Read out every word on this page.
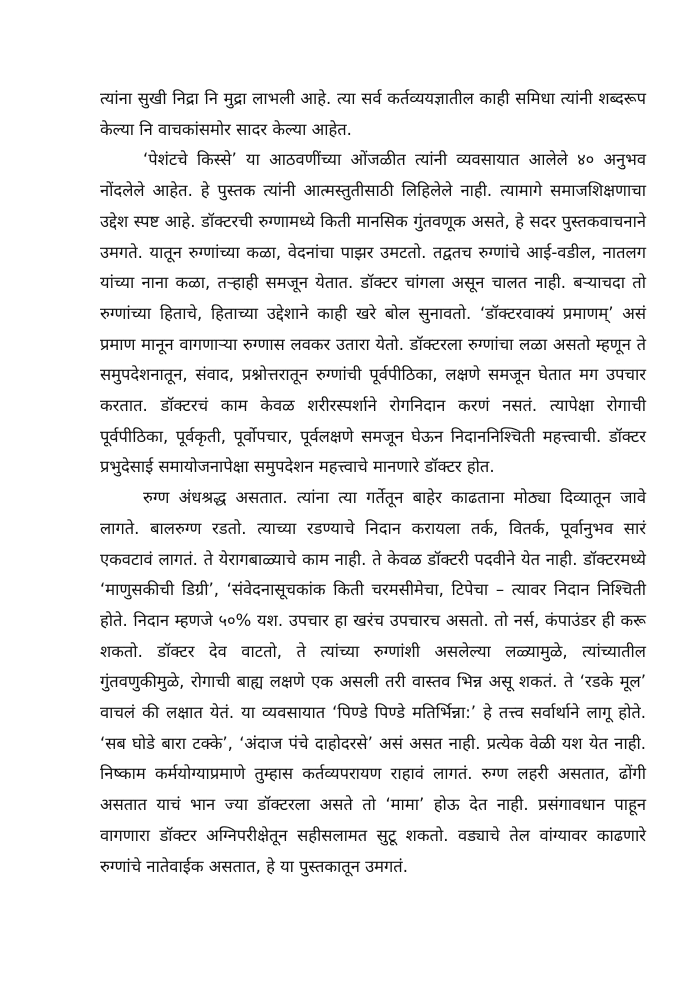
त्यांना सुखी निद्रा नि मुद्रा लाभली आहे. त्या सर्व कर्तव्ययज्ञातील काही समिधा त्यांनी शब्दरूप केल्या नि वाचकांसमोर सादर केल्या आहेत.

‘पेशंटचे किस्से’ या आठवणींच्या ओंजळीत त्यांनी व्यवसायात आलेले ४० अनुभव नोंदलेले आहेत. हे पुस्तक त्यांनी आत्मस्तुतीसाठी लिहिलेले नाही. त्यामागे समाजशिक्षणाचा उद्देश स्पष्ट आहे. डॉक्टरची रुग्णामध्ये किती मानसिक गुंतवणूक असते, हे सदर पुस्तकवाचनाने उमगते. यातून रुग्णांच्या कळा, वेदनांचा पाझर उमटतो. तद्वतच रुग्णांचे आई-वडील, नातलग यांच्या नाना कळा, तऱ्हाही समजून येतात. डॉक्टर चांगला असून चालत नाही. बऱ्याचदा तो रुग्णांच्या हिताचे, हिताच्या उद्देशाने काही खरे बोल सुनावतो. ‘डॉक्टरवाक्यं प्रमाणम्’ असं प्रमाण मानून वागणाऱ्या रुग्णास लवकर उतारा येतो. डॉक्टरला रुग्णांचा लळा असतो म्हणून ते समुपदेशनातून, संवाद, प्रश्नोत्तरातून रुग्णांची पूर्वपीठिका, लक्षणे समजून घेतात मग उपचार करतात. डॉक्टरचं काम केवळ शरीरस्पर्शाने रोगनिदान करणं नसतं. त्यापेक्षा रोगाची पूर्वपीठिका, पूर्वकृती, पूर्वोपचार, पूर्वलक्षणे समजून घेऊन निदाननिश्चिती महत्त्वाची. डॉक्टर प्रभुदेसाई समायोजनापेक्षा समुपदेशन महत्त्वाचे मानणारे डॉक्टर होत.

रुग्ण अंधश्रद्ध असतात. त्यांना त्या गर्तेतून बाहेर काढताना मोठ्या दिव्यातून जावे लागते. बालरुग्ण रडतो. त्याच्या रडण्याचे निदान करायला तर्क, वितर्क, पूर्वानुभव सारं एकवटावं लागतं. ते येरागबाळ्याचे काम नाही. ते केवळ डॉक्टरी पदवीने येत नाही. डॉक्टरमध्ये ‘माणुसकीची डिग्री’, ‘संवेदनासूचकांक किती चरमसीमेचा, टिपेचा – त्यावर निदान निश्चिती होते. निदान म्हणजे ५०% यश. उपचार हा खरंच उपचारच असतो. तो नर्स, कंपाउंडर ही करू शकतो. डॉक्टर देव वाटतो, ते त्यांच्या रुग्णांशी असलेल्या लळ्यामुळे, त्यांच्यातील गुंतवणुकीमुळे, रोगाची बाह्य लक्षणे एक असली तरी वास्तव भिन्न असू शकतं. ते ‘रडके मूल’ वाचलं की लक्षात येतं. या व्यवसायात ‘पिण्डे पिण्डे मतिर्भिन्ना:’ हे तत्त्व सर्वार्थाने लागू होते. ‘सब घोडे बारा टक्के’, ‘अंदाज पंचे दाहोदरसे’ असं असत नाही. प्रत्येक वेळी यश येत नाही. निष्काम कर्मयोग्याप्रमाणे तुम्हास कर्तव्यपरायण राहावं लागतं. रुग्ण लहरी असतात, ढोंगी असतात याचं भान ज्या डॉक्टरला असते तो ‘मामा’ होऊ देत नाही. प्रसंगावधान पाहून वागणारा डॉक्टर अग्निपरीक्षेतून सहीसलामत सुटू शकतो. वड्याचे तेल वांग्यावर काढणारे रुग्णांचे नातेवाईक असतात, हे या पुस्तकातून उमगतं.
